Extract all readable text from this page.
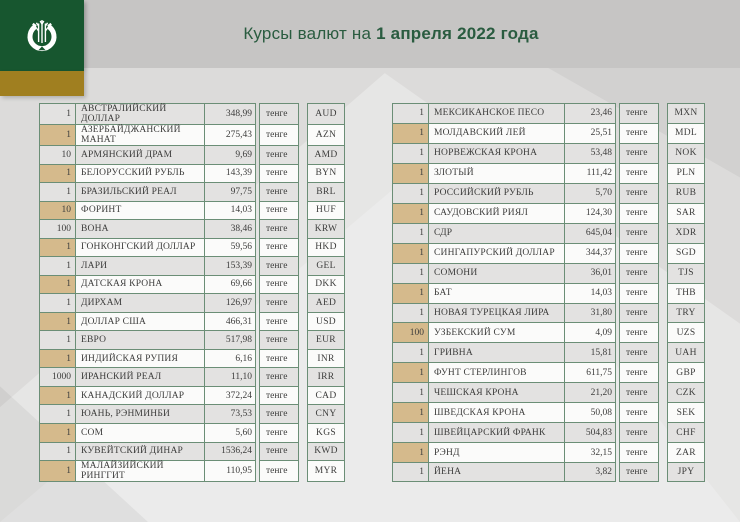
Курсы валют на 1 апреля 2022 года
1	АВСТРАЛИЙСКИЙ ДОЛЛАР	348,99	тенге	AUD
1	АЗЕРБАЙДЖАНСКИЙ МАНАТ	275,43	тенге	AZN
10	АРМЯНСКИЙ ДРАМ	9,69	тенге	AMD
1	БЕЛОРУССКИЙ РУБЛЬ	143,39	тенге	BYN
1	БРАЗИЛЬСКИЙ РЕАЛ	97,75	тенге	BRL
10	ФОРИНТ	14,03	тенге	HUF
100	ВОНА	38,46	тенге	KRW
1	ГОНКОНГСКИЙ ДОЛЛАР	59,56	тенге	HKD
1	ЛАРИ	153,39	тенге	GEL
1	ДАТСКАЯ КРОНА	69,66	тенге	DKK
1	ДИРХАМ	126,97	тенге	AED
1	ДОЛЛАР США	466,31	тенге	USD
1	ЕВРО	517,98	тенге	EUR
1	ИНДИЙСКАЯ РУПИЯ	6,16	тенге	INR
1000	ИРАНСКИЙ РЕАЛ	11,10	тенге	IRR
1	КАНАДСКИЙ ДОЛЛАР	372,24	тенге	CAD
1	ЮАНЬ, РЭНМИНБИ	73,53	тенге	CNY
1	СОМ	5,60	тенге	KGS
1	КУВЕЙТСКИЙ ДИНАР	1536,24	тенге	KWD
1	МАЛАЙЗИЙСКИЙ РИНГГИТ	110,95	тенге	MYR
1	МЕКСИКАНСКОЕ ПЕСО	23,46	тенге	MXN
1	МОЛДАВСКИЙ ЛЕЙ	25,51	тенге	MDL
1	НОРВЕЖСКАЯ КРОНА	53,48	тенге	NOK
1	ЗЛОТЫЙ	111,42	тенге	PLN
1	РОССИЙСКИЙ РУБЛЬ	5,70	тенге	RUB
1	САУДОВСКИЙ РИЯЛ	124,30	тенге	SAR
1	СДР	645,04	тенге	XDR
1	СИНГАПУРСКИЙ ДОЛЛАР	344,37	тенге	SGD
1	СОМОНИ	36,01	тенге	TJS
1	БАТ	14,03	тенге	THB
1	НОВАЯ ТУРЕЦКАЯ ЛИРА	31,80	тенге	TRY
100	УЗБЕКСКИЙ СУМ	4,09	тенге	UZS
1	ГРИВНА	15,81	тенге	UAH
1	ФУНТ СТЕРЛИНГОВ	611,75	тенге	GBP
1	ЧЕШСКАЯ КРОНА	21,20	тенге	CZK
1	ШВЕДСКАЯ КРОНА	50,08	тенге	SEK
1	ШВЕЙЦАРСКИЙ ФРАНК	504,83	тенге	CHF
1	РЭНД	32,15	тенге	ZAR
1	ЙЕНА	3,82	тенге	JPY
